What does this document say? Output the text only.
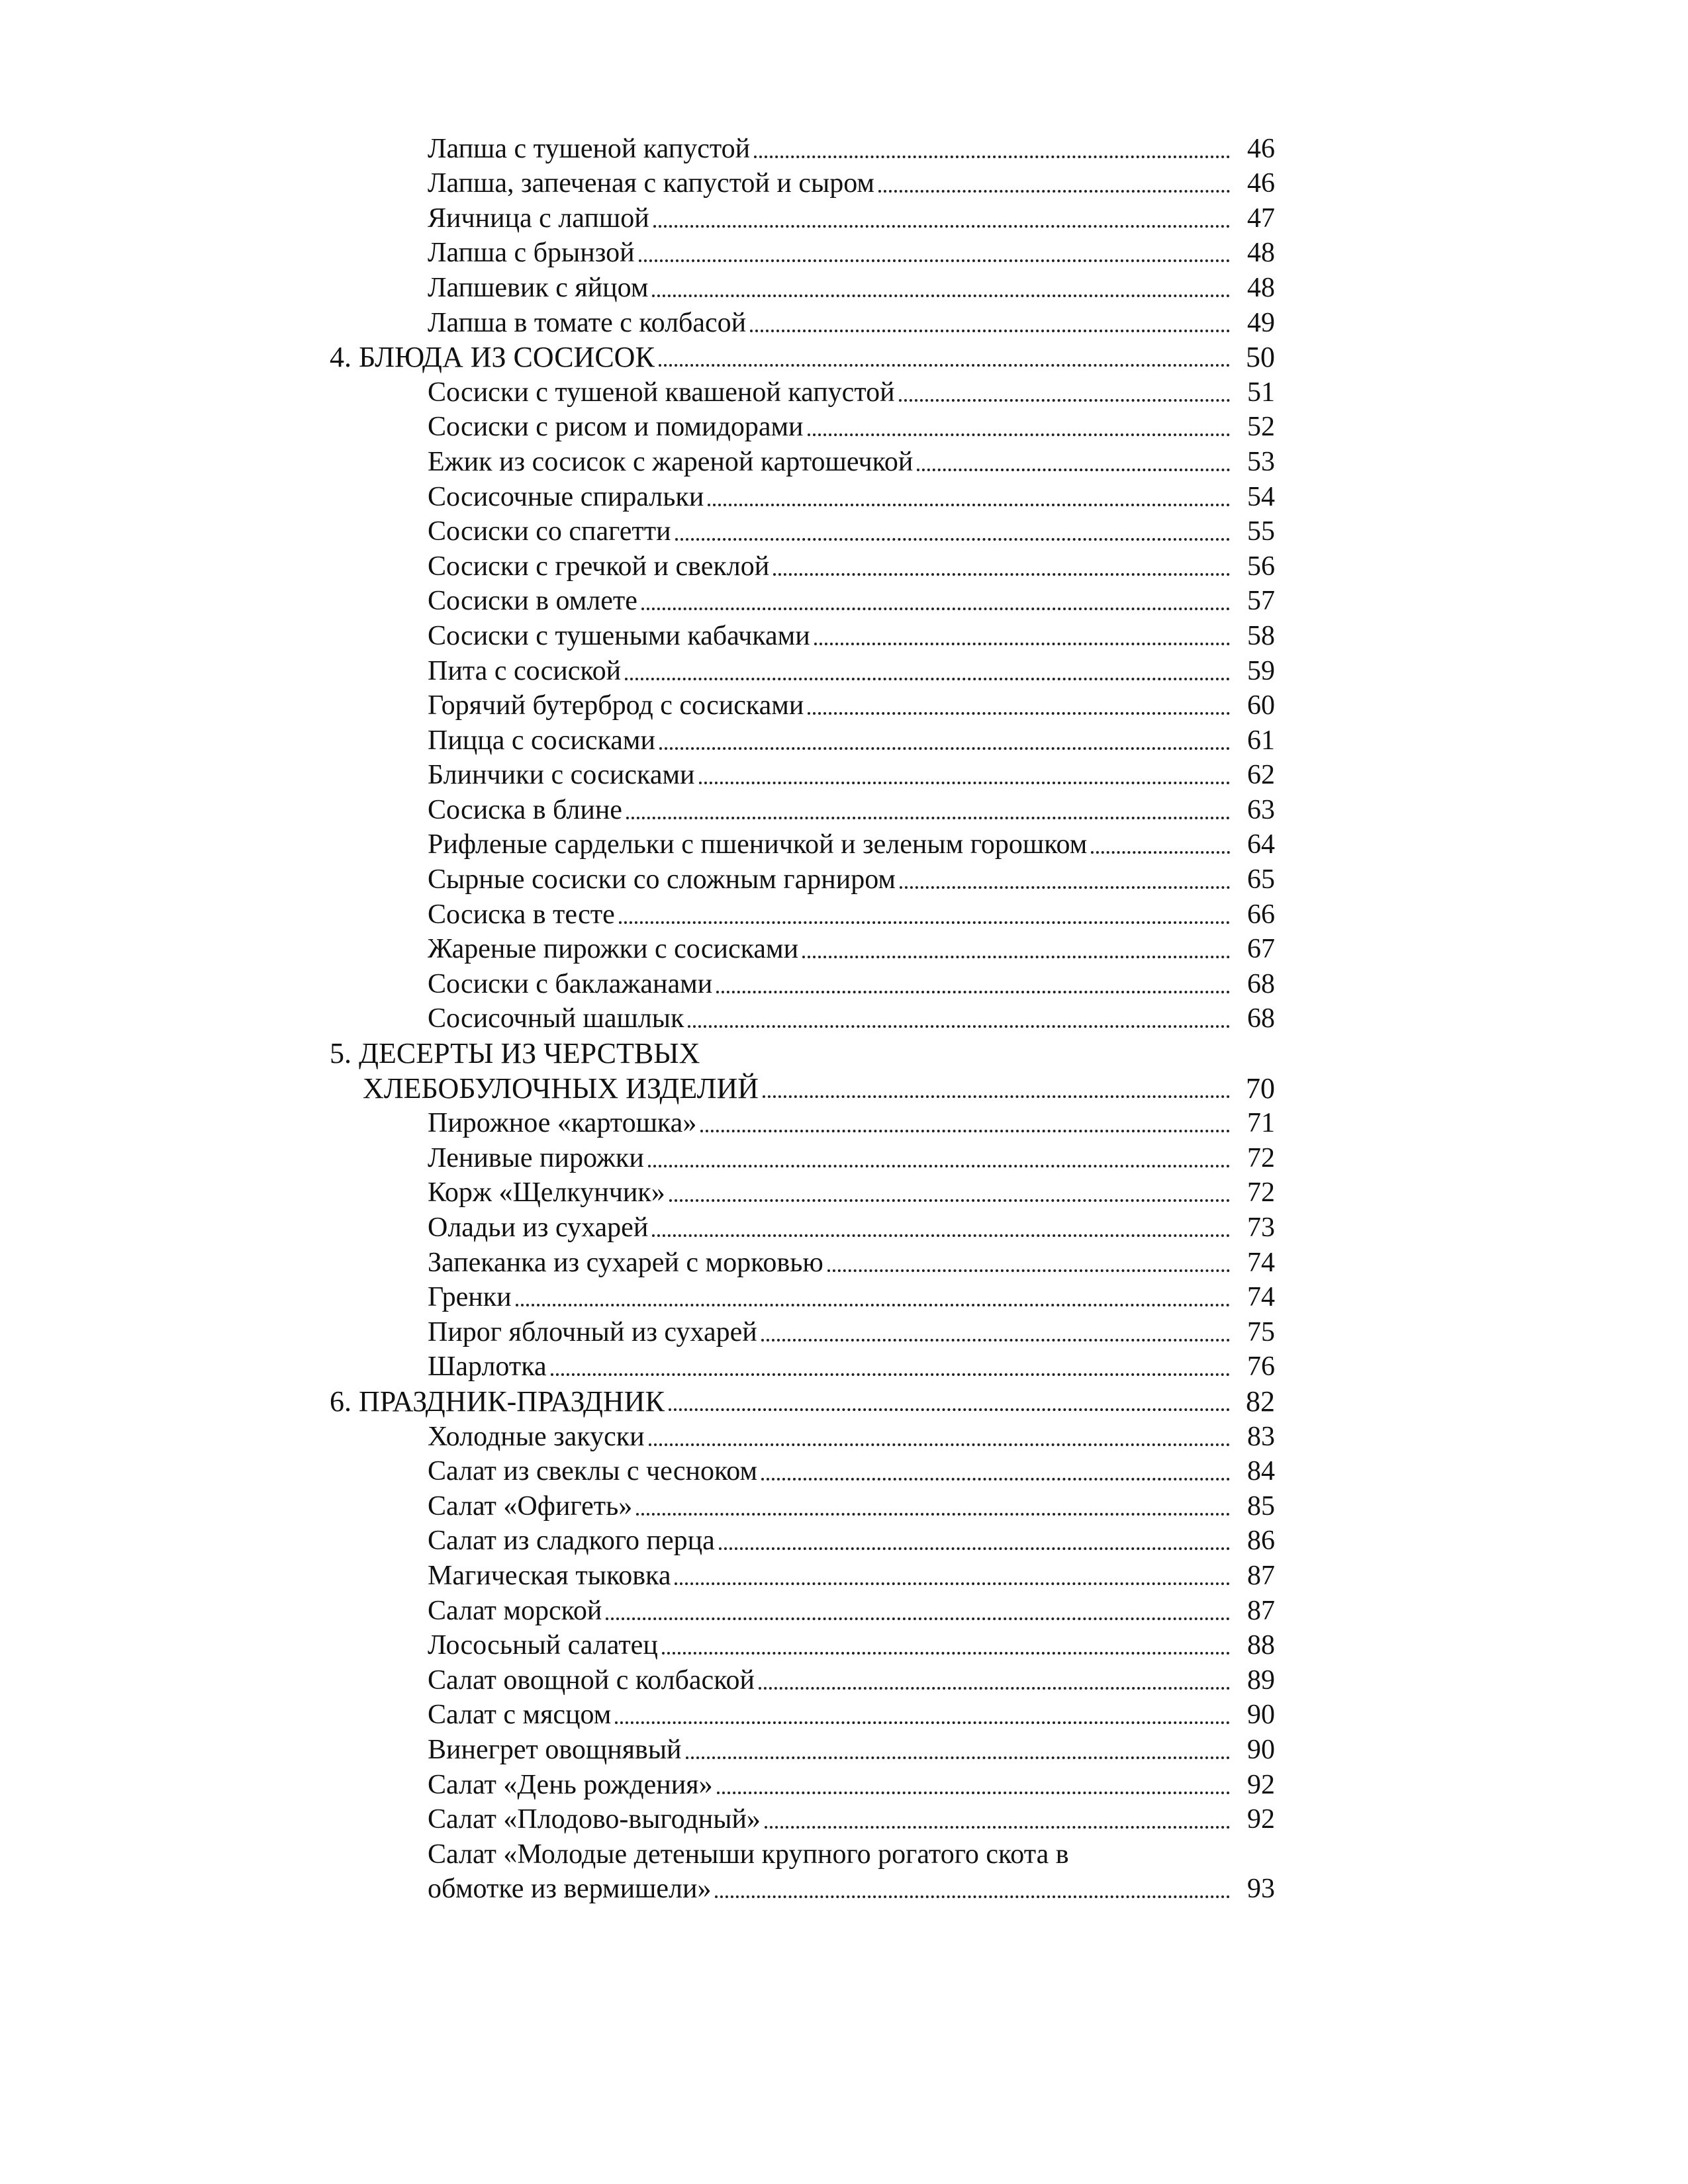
Лапша с тушеной капустой	46
Лапша, запеченая с капустой и сыром	46
Яичница с лапшой	47
Лапша с брынзой	48
Лапшевик с яйцом	48
Лапша в томате с колбасой	49
4. БЛЮДА ИЗ СОСИСОК	50
Сосиски с тушеной квашеной капустой	51
Сосиски с рисом и помидорами	52
Ежик из сосисок с жареной картошечкой	53
Сосисочные спиральки	54
Сосиски со спагетти	55
Сосиски с гречкой и свеклой	56
Сосиски в омлете	57
Сосиски с тушеными кабачками	58
Пита с сосиской	59
Горячий бутерброд с сосисками	60
Пицца с сосисками	61
Блинчики с сосисками	62
Сосиска в блине	63
Рифленые сардельки с пшеничкой и зеленым горошком	64
Сырные сосиски со сложным гарниром	65
Сосиска в тесте	66
Жареные пирожки с сосисками	67
Сосиски с баклажанами	68
Сосисочный шашлык	68
5. ДЕСЕРТЫ ИЗ ЧЕРСТВЫХ
ХЛЕБОБУЛОЧНЫХ ИЗДЕЛИЙ	70
Пирожное «картошка»	71
Ленивые пирожки	72
Корж «Щелкунчик»	72
Оладьи из сухарей	73
Запеканка из сухарей с морковью	74
Гренки	74
Пирог яблочный из сухарей	75
Шарлотка	76
6. ПРАЗДНИК-ПРАЗДНИК	82
Холодные закуски	83
Салат из свеклы с чесноком	84
Салат «Офигеть»	85
Салат из сладкого перца	86
Магическая тыковка	87
Салат морской	87
Лососьный салатец	88
Салат овощной с колбаской	89
Салат с мясцом	90
Винегрет овощнявый	90
Салат «День рождения»	92
Салат «Плодово-выгодный»	92
Салат «Молодые детеныши крупного рогатого скота в
обмотке из вермишели»	93
